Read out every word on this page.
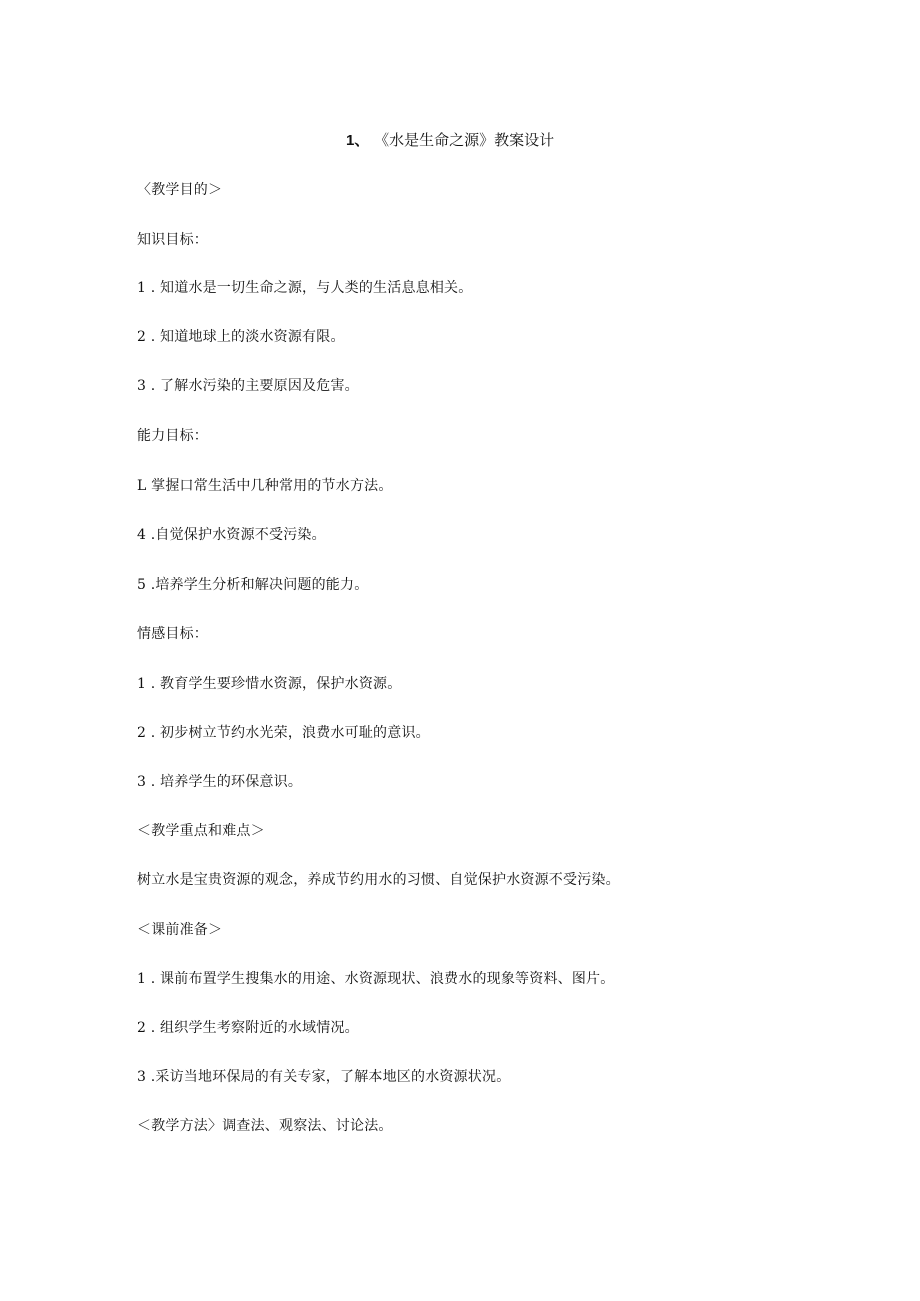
1、 《水是生命之源》教案设计
〈教学目的＞
知识目标：
1 . 知道水是一切生命之源，与人类的生活息息相关。
2 . 知道地球上的淡水资源有限。
3 . 了解水污染的主要原因及危害。
能力目标：
L 掌握口常生活中几种常用的节水方法。
4 .自觉保护水资源不受污染。
5 .培养学生分析和解决问题的能力。
情感目标：
1 . 教育学生要珍惜水资源，保护水资源。
2 . 初步树立节约水光荣，浪费水可耻的意识。
3 . 培养学生的环保意识。
＜教学重点和难点＞
树立水是宝贵资源的观念，养成节约用水的习惯、自觉保护水资源不受污染。
＜课前准备＞
1 . 课前布置学生搜集水的用途、水资源现状、浪费水的现象等资料、图片。
2 . 组织学生考察附近的水域情况。
3 .采访当地环保局的有关专家，了解本地区的水资源状况。
＜教学方法〉调查法、观察法、讨论法。
